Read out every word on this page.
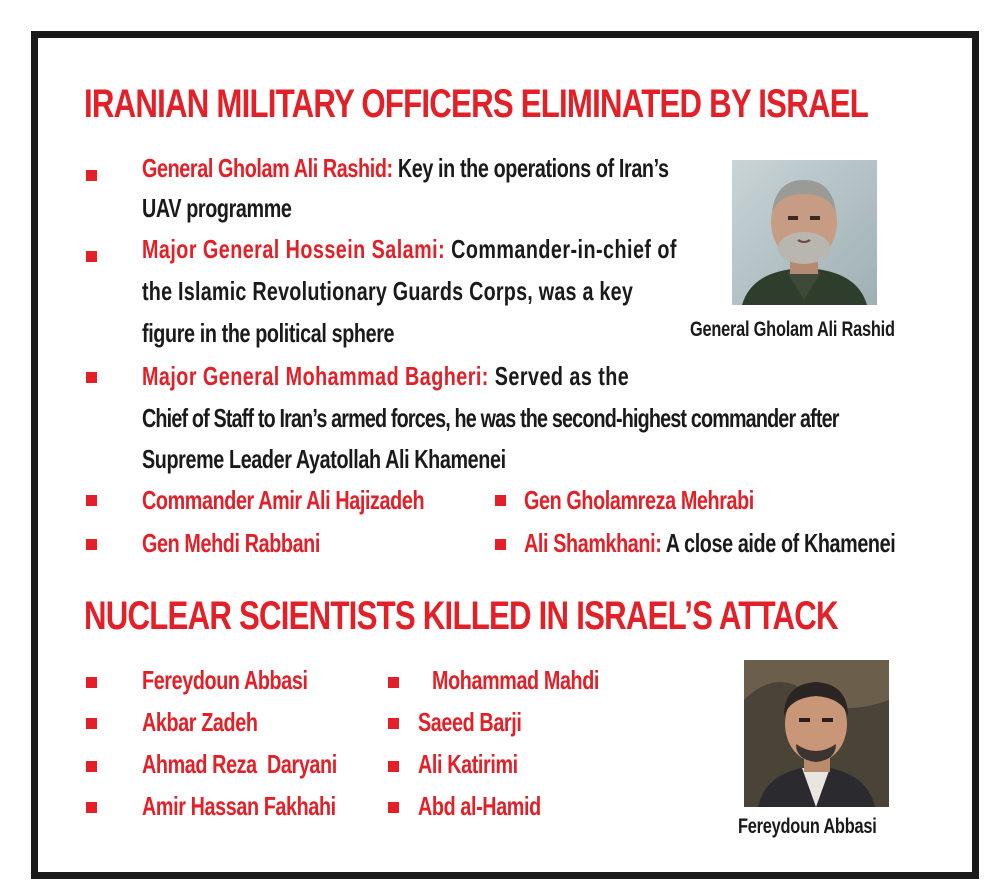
IRANIAN MILITARY OFFICERS ELIMINATED BY ISRAEL
General Gholam Ali Rashid: Key in the operations of Iran’s
UAV programme
Major General Hossein Salami: Commander-in-chief of
the Islamic Revolutionary Guards Corps, was a key
figure in the political sphere
Major General Mohammad Bagheri: Served as the
Chief of Staff to Iran’s armed forces, he was the second-highest commander after
Supreme Leader Ayatollah Ali Khamenei
Commander Amir Ali Hajizadeh	Gen Gholamreza Mehrabi
Gen Mehdi Rabbani	Ali Shamkhani: A close aide of Khamenei
General Gholam Ali Rashid
NUCLEAR SCIENTISTS KILLED IN ISRAEL’S ATTACK
Fereydoun Abbasi
Akbar Zadeh
Ahmad Reza  Daryani
Amir Hassan Fakhahi
Mohammad Mahdi
Saeed Barji
Ali Katirimi
Abd al-Hamid
Fereydoun Abbasi
